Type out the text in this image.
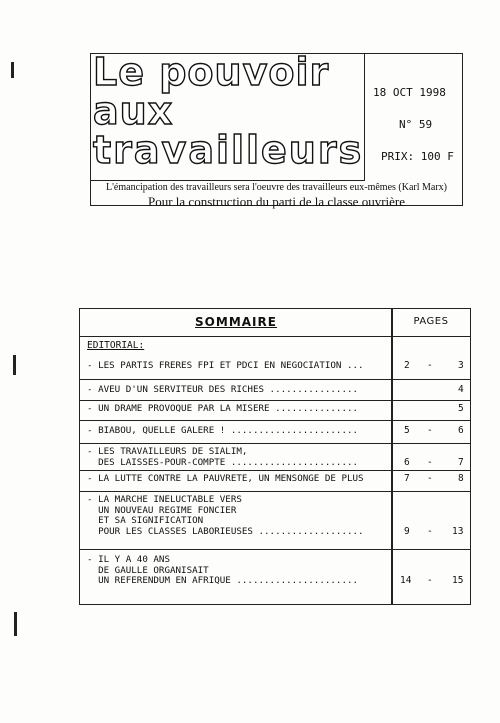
Le pouvoir

aux

travailleurs

18 OCT 1998
N° 59
PRIX: 100 F
L'émancipation des travailleurs sera l'oeuvre des travailleurs eux-mêmes (Karl Marx)
Pour la construction du parti de la classe ouvrière
SOMMAIRE	PAGES
EDITORIAL:

- LES PARTIS FRERES FPI ET PDCI EN NEGOCIATION ...	2 -	3

- AVEU D'UN SERVITEUR DES RICHES ................	4

- UN DRAME PROVOQUE PAR LA MISERE ...............	5

- BIABOU, QUELLE GALERE ! .......................	5 -	6

- LES TRAVAILLEURS DE SIALIM,
DES LAISSES-POUR-COMPTE .......................	6 -	7

- LA LUTTE CONTRE LA PAUVRETE, UN MENSONGE DE PLUS	7 -	8

- LA MARCHE INELUCTABLE VERS
UN NOUVEAU REGIME FONCIER
ET SA SIGNIFICATION
POUR LES CLASSES LABORIEUSES ...................	9 - 13

- IL Y A 40 ANS
DE GAULLE ORGANISAIT
UN REFERENDUM EN AFRIQUE ......................	14 - 15
